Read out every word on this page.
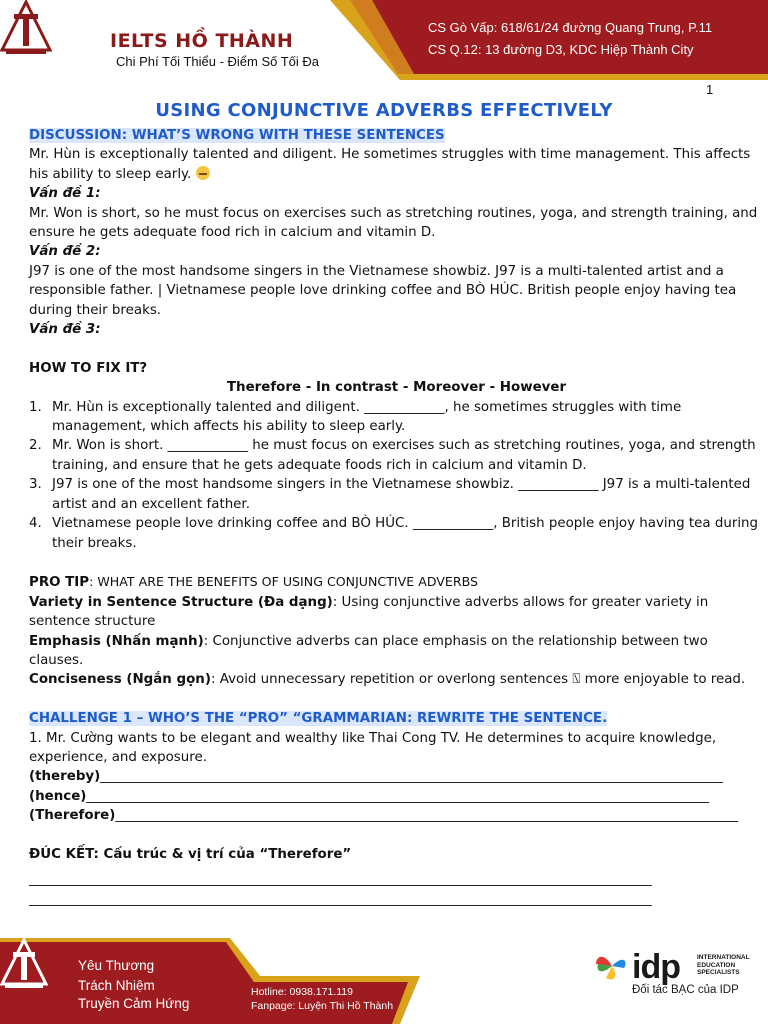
IELTS HỒ THÀNH
Chi Phí Tối Thiểu - Điểm Số Tối Đa
CS Gò Vấp: 618/61/24 đường Quang Trung, P.11
CS Q.12: 13 đường D3, KDC Hiệp Thành City
1
USING CONJUNCTIVE ADVERBS EFFECTIVELY

DISCUSSION: WHAT’S WRONG WITH THESE SENTENCES

Mr. Hùn is exceptionally talented and diligent. He sometimes struggles with time management. This affects his ability to sleep early.

Vấn đề 1:

Mr. Won is short, so he must focus on exercises such as stretching routines, yoga, and strength training, and ensure he gets adequate food rich in calcium and vitamin D.

Vấn đề 2:

J97 is one of the most handsome singers in the Vietnamese showbiz. J97 is a multi-talented artist and a responsible father. | Vietnamese people love drinking coffee and BÒ HÚC. British people enjoy having tea during their breaks.

Vấn đề 3:

HOW TO FIX IT?

Therefore - In contrast - Moreover - However

1. Mr. Hùn is exceptionally talented and diligent. ____________, he sometimes struggles with time management, which affects his ability to sleep early.
2. Mr. Won is short. ____________ he must focus on exercises such as stretching routines, yoga, and strength training, and ensure that he gets adequate foods rich in calcium and vitamin D.
3. J97 is one of the most handsome singers in the Vietnamese showbiz. ____________ J97 is a multi-talented artist and an excellent father.
4. Vietnamese people love drinking coffee and BÒ HÚC. ____________, British people enjoy having tea during their breaks.

PRO TIP: WHAT ARE THE BENEFITS OF USING CONJUNCTIVE ADVERBS

Variety in Sentence Structure (Đa dạng): Using conjunctive adverbs allows for greater variety in sentence structure

Emphasis (Nhấn mạnh): Conjunctive adverbs can place emphasis on the relationship between two clauses.

Conciseness (Ngắn gọn): Avoid unnecessary repetition or overlong sentences ⍂ more enjoyable to read.

CHALLENGE 1 – WHO’S THE “PRO” “GRAMMARIAN: REWRITE THE SENTENCE.

1. Mr. Cường wants to be elegant and wealthy like Thai Cong TV. He determines to acquire knowledge, experience, and exposure.

(thereby)_____________________________________________________________________________________________

(hence)_____________________________________________________________________________________________

(Therefore)_____________________________________________________________________________________________

ĐÚC KẾT: Cấu trúc & vị trí của “Therefore”

_____________________________________________________________________________________________

_____________________________________________________________________________________________

Yêu Thương
Trách Nhiệm
Truyền Cảm Hứng
Hotline: 0938.171.119
Fanpage: Luyện Thi Hồ Thành
idp	INTERNATIONAL EDUCATION SPECIALISTS
Đối tác BẠC của IDP
